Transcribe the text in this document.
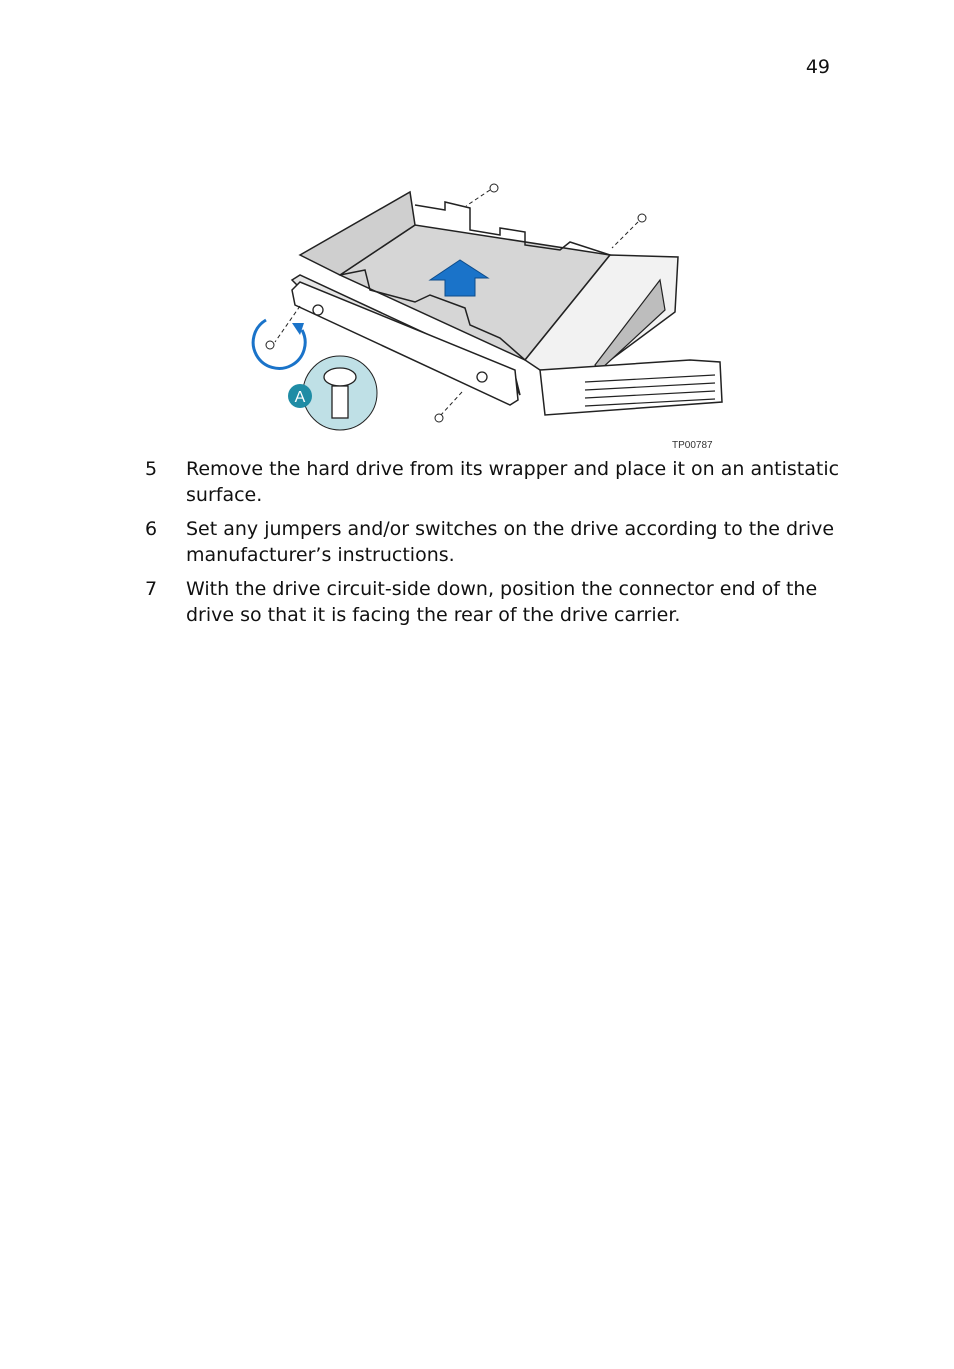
49
A
TP00787
5 Remove the hard drive from its wrapper and place it on an antistatic surface.
6 Set any jumpers and/or switches on the drive according to the drive manufacturer’s instructions.
7 With the drive circuit-side down, position the connector end of the drive so that it is facing the rear of the drive carrier.
